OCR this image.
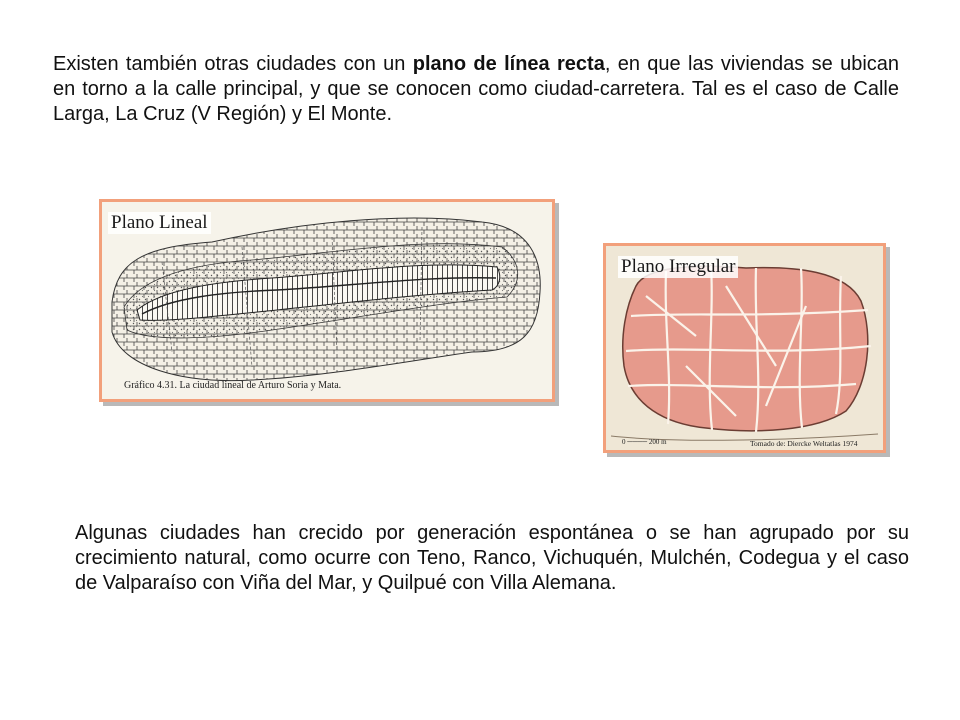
Existen también otras ciudades con un plano de línea recta, en que las viviendas se ubican en torno a la calle principal, y que se conocen como ciudad-carretera. Tal es el caso de Calle Larga, La Cruz (V Región) y El Monte.

Plano Lineal
Gráfico 4.31. La ciudad lineal de Arturo Soria y Mata.
Plano Irregular
0 ──── 200 m	Tomado de: Diercke Weltatlas 1974

Algunas ciudades han crecido por generación espontánea o se han agrupado por su crecimiento natural, como ocurre con Teno, Ranco, Vichuquén, Mulchén, Codegua y el caso de Valparaíso con Viña del Mar, y Quilpué con Villa Alemana.
